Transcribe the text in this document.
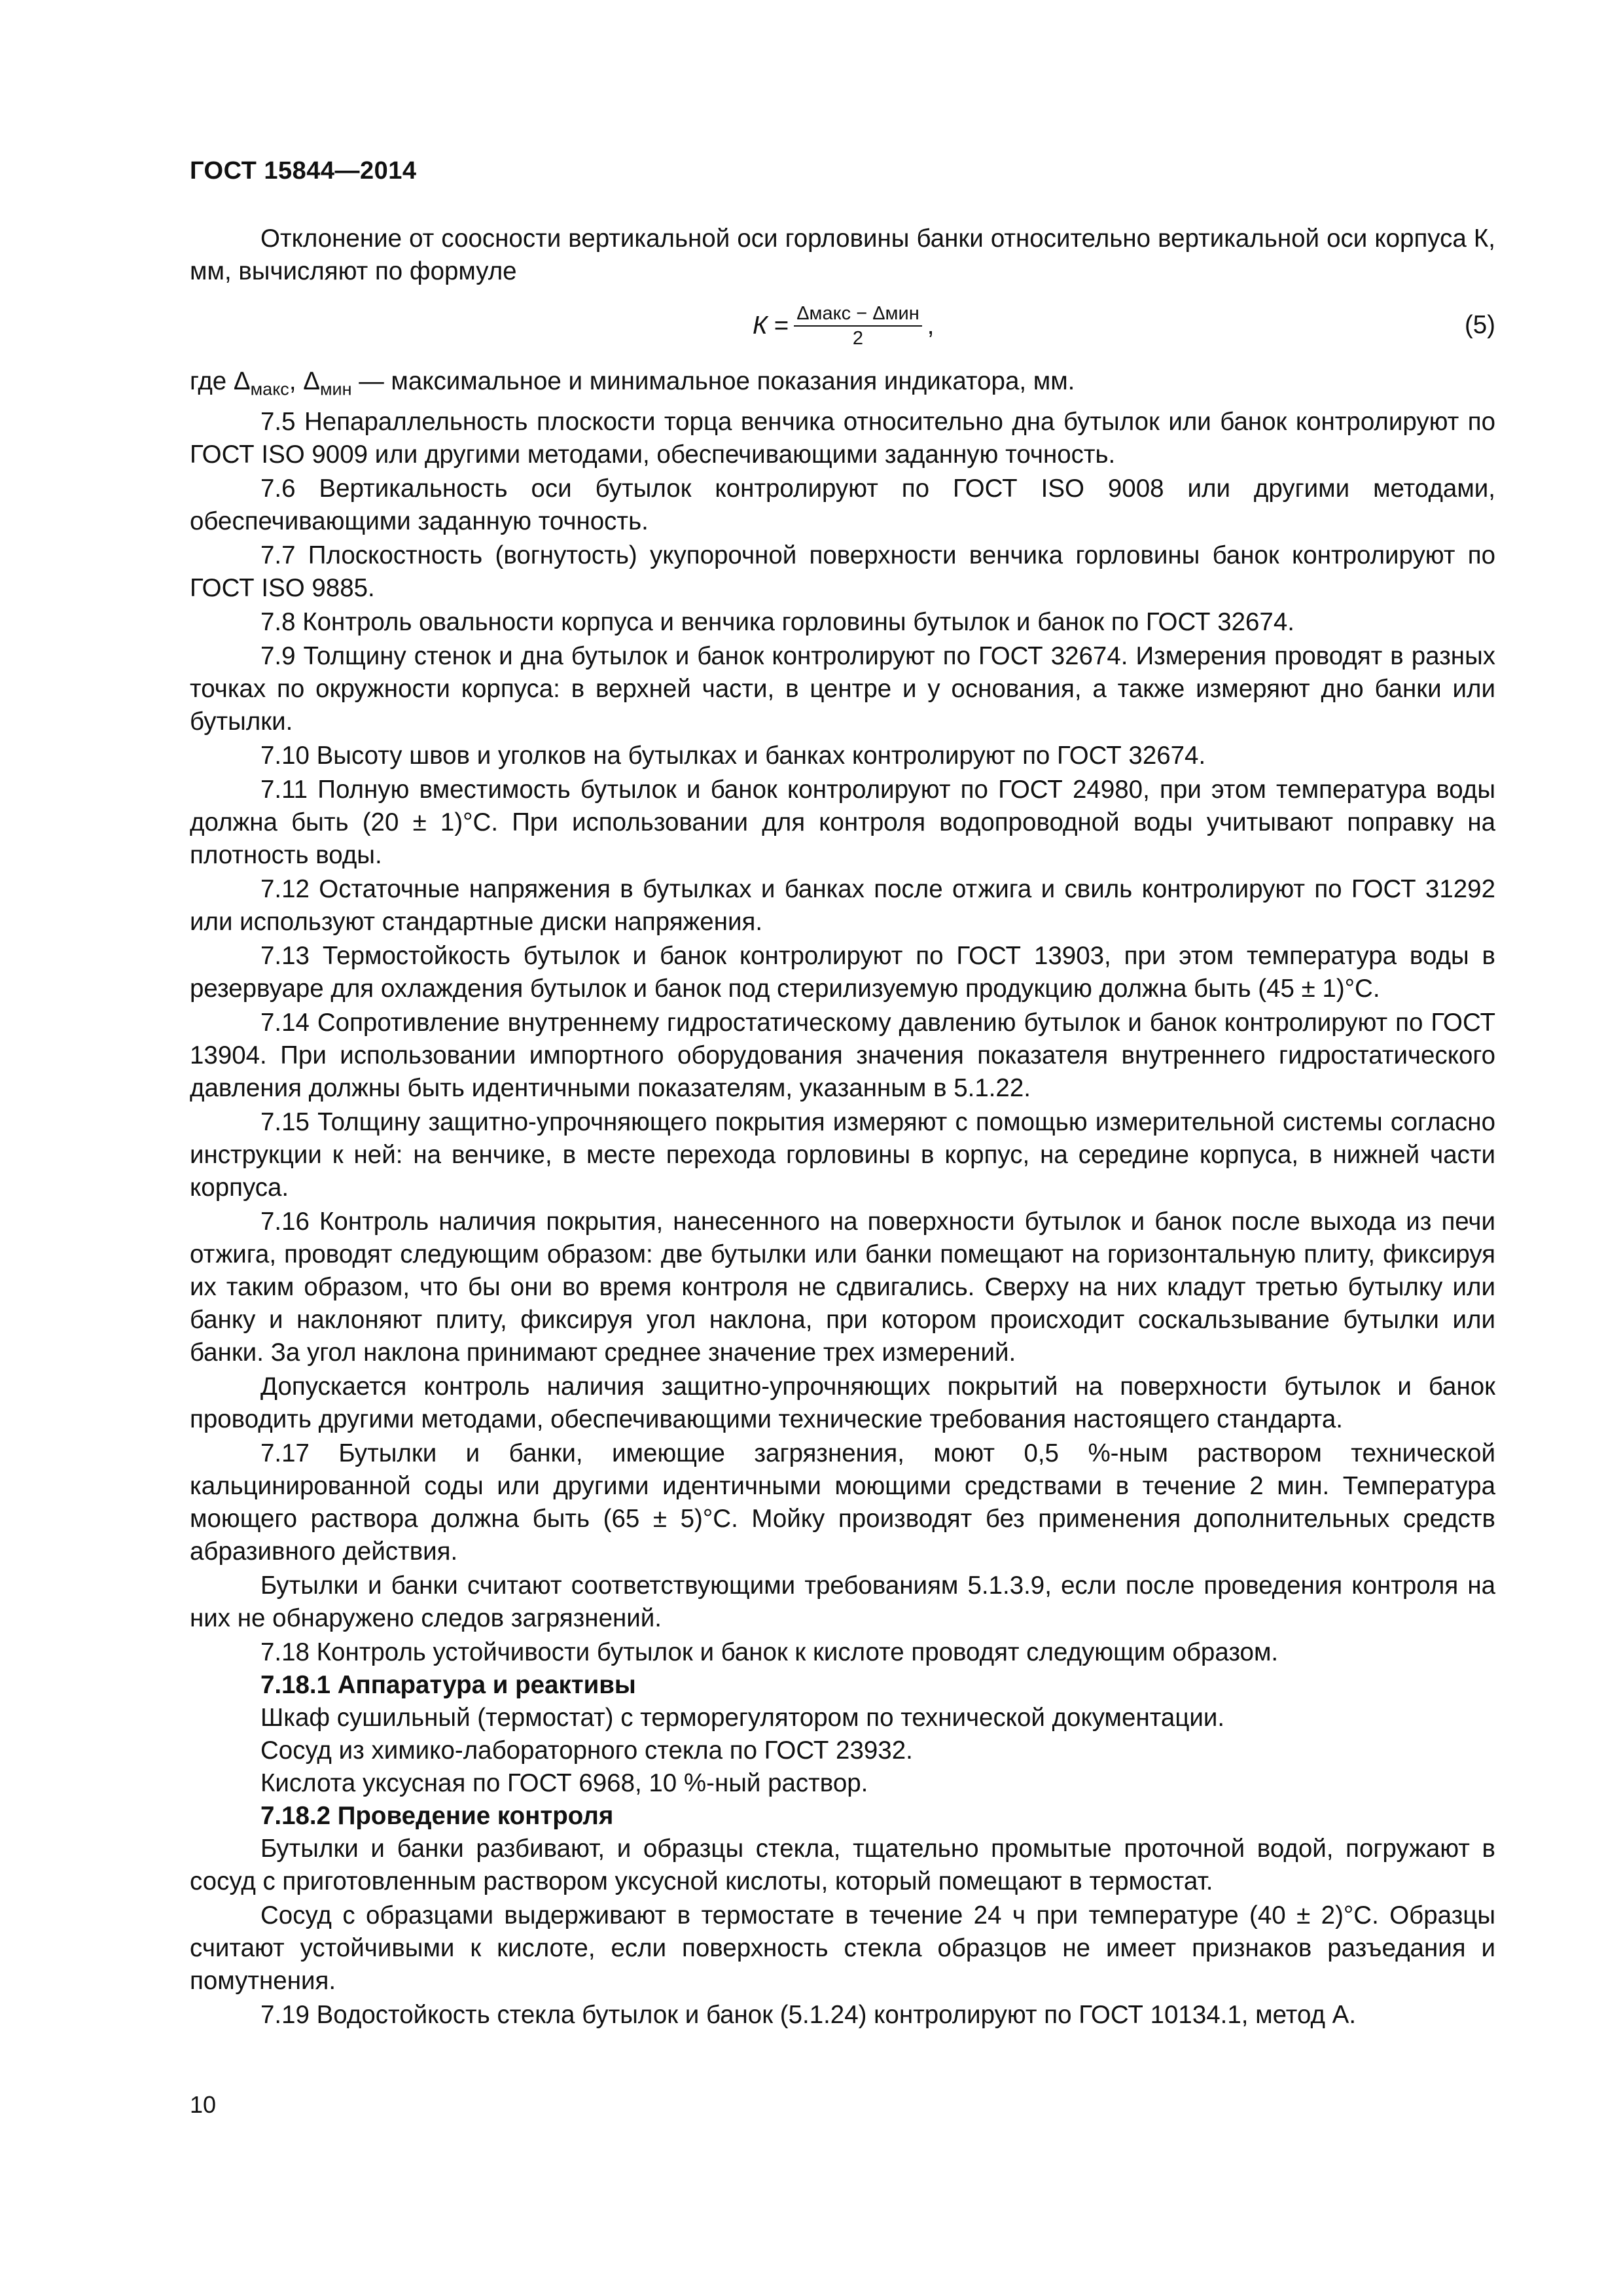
ГОСТ 15844—2014

Отклонение от соосности вертикальной оси горловины банки относительно вертикальной оси корпуса К, мм, вычисляют по формуле

$К = \frac{\text{Δмакс − Δмин}}{2}$ ,	(5)

где $\Delta_{макс}$, $\Delta_{мин}$ — максимальное и минимальное показания индикатора, мм.

7.5 Непараллельность плоскости торца венчика относительно дна бутылок или банок контролируют по ГОСТ ISO 9009 или другими методами, обеспечивающими заданную точность.

7.6 Вертикальность оси бутылок контролируют по ГОСТ ISO 9008 или другими методами, обеспечивающими заданную точность.

7.7 Плоскостность (вогнутость) укупорочной поверхности венчика горловины банок контролируют по ГОСТ ISO 9885.

7.8 Контроль овальности корпуса и венчика горловины бутылок и банок по ГОСТ 32674.

7.9 Толщину стенок и дна бутылок и банок контролируют по ГОСТ 32674. Измерения проводят в разных точках по окружности корпуса: в верхней части, в центре и у основания, а также измеряют дно банки или бутылки.

7.10 Высоту швов и уголков на бутылках и банках контролируют по ГОСТ 32674.

7.11 Полную вместимость бутылок и банок контролируют по ГОСТ 24980, при этом температура воды должна быть (20 ± 1)°С. При использовании для контроля водопроводной воды учитывают поправку на плотность воды.

7.12 Остаточные напряжения в бутылках и банках после отжига и свиль контролируют по ГОСТ 31292 или используют стандартные диски напряжения.

7.13 Термостойкость бутылок и банок контролируют по ГОСТ 13903, при этом температура воды в резервуаре для охлаждения бутылок и банок под стерилизуемую продукцию должна быть (45 ± 1)°С.

7.14 Сопротивление внутреннему гидростатическому давлению бутылок и банок контролируют по ГОСТ 13904. При использовании импортного оборудования значения показателя внутреннего гидростатического давления должны быть идентичными показателям, указанным в 5.1.22.

7.15 Толщину защитно-упрочняющего покрытия измеряют с помощью измерительной системы согласно инструкции к ней: на венчике, в месте перехода горловины в корпус, на середине корпуса, в нижней части корпуса.

7.16 Контроль наличия покрытия, нанесенного на поверхности бутылок и банок после выхода из печи отжига, проводят следующим образом: две бутылки или банки помещают на горизонтальную плиту, фиксируя их таким образом, что бы они во время контроля не сдвигались. Сверху на них кладут третью бутылку или банку и наклоняют плиту, фиксируя угол наклона, при котором происходит соскальзывание бутылки или банки. За угол наклона принимают среднее значение трех измерений.

Допускается контроль наличия защитно-упрочняющих покрытий на поверхности бутылок и банок проводить другими методами, обеспечивающими технические требования настоящего стандарта.

7.17 Бутылки и банки, имеющие загрязнения, моют 0,5 %-ным раствором технической кальцинированной соды или другими идентичными моющими средствами в течение 2 мин. Температура моющего раствора должна быть (65 ± 5)°С. Мойку производят без применения дополнительных средств абразивного действия.

Бутылки и банки считают соответствующими требованиям 5.1.3.9, если после проведения контроля на них не обнаружено следов загрязнений.

7.18 Контроль устойчивости бутылок и банок к кислоте проводят следующим образом.

7.18.1 Аппаратура и реактивы

Шкаф сушильный (термостат) с терморегулятором по технической документации.

Сосуд из химико-лабораторного стекла по ГОСТ 23932.

Кислота уксусная по ГОСТ 6968, 10 %-ный раствор.

7.18.2 Проведение контроля

Бутылки и банки разбивают, и образцы стекла, тщательно промытые проточной водой, погружают в сосуд с приготовленным раствором уксусной кислоты, который помещают в термостат.

Сосуд с образцами выдерживают в термостате в течение 24 ч при температуре (40 ± 2)°С. Образцы считают устойчивыми к кислоте, если поверхность стекла образцов не имеет признаков разъедания и помутнения.

7.19 Водостойкость стекла бутылок и банок (5.1.24) контролируют по ГОСТ 10134.1, метод А.

10
